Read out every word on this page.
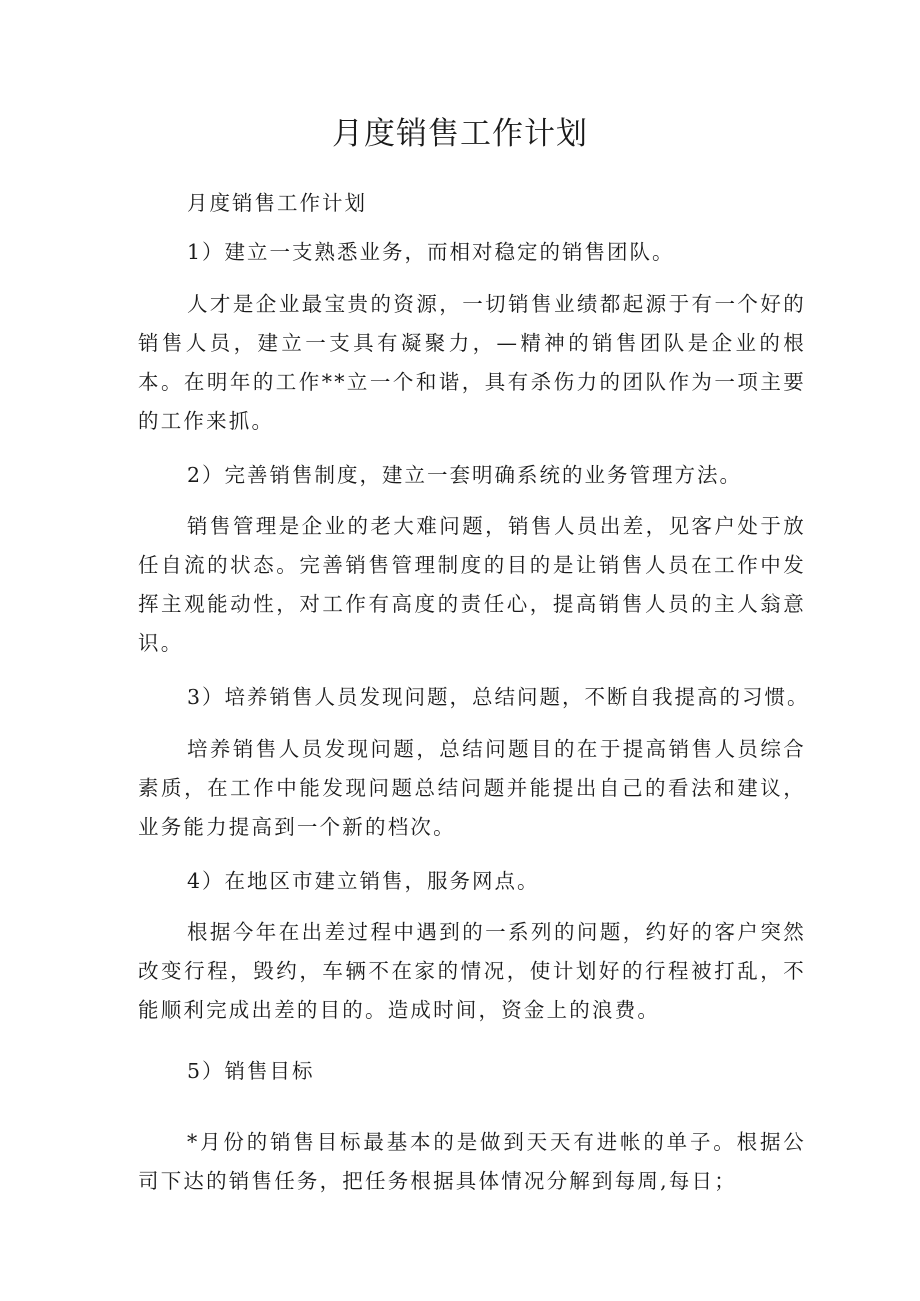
月度销售工作计划
月度销售工作计划
1）建立一支熟悉业务，而相对稳定的销售团队。
人才是企业最宝贵的资源，一切销售业绩都起源于有一个好的销售人员，建立一支具有凝聚力，—精神的销售团队是企业的根本。在明年的工作**立一个和谐，具有杀伤力的团队作为一项主要的工作来抓。
2）完善销售制度，建立一套明确系统的业务管理方法。
销售管理是企业的老大难问题，销售人员出差，见客户处于放任自流的状态。完善销售管理制度的目的是让销售人员在工作中发挥主观能动性，对工作有高度的责任心，提高销售人员的主人翁意识。
3）培养销售人员发现问题，总结问题，不断自我提高的习惯。
培养销售人员发现问题，总结问题目的在于提高销售人员综合素质，在工作中能发现问题总结问题并能提出自己的看法和建议，业务能力提高到一个新的档次。
4）在地区市建立销售，服务网点。
根据今年在出差过程中遇到的一系列的问题，约好的客户突然改变行程，毁约，车辆不在家的情况，使计划好的行程被打乱，不能顺利完成出差的目的。造成时间，资金上的浪费。
5）销售目标
*月份的销售目标最基本的是做到天天有进帐的单子。根据公司下达的销售任务，把任务根据具体情况分解到每周,每日；
